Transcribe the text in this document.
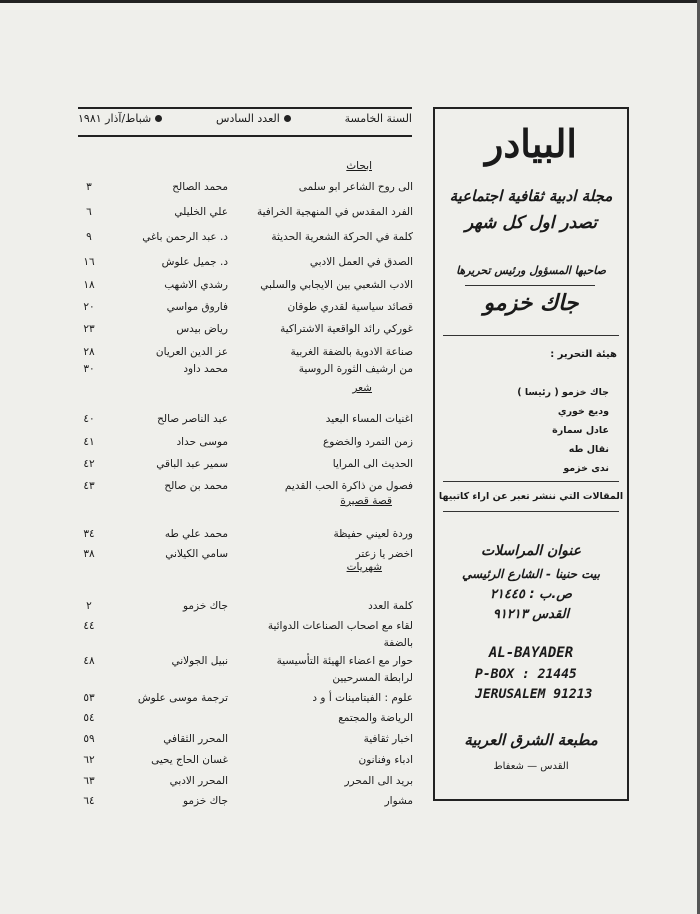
السنة الخامسة
العدد السادس
شباط/آذار ١٩٨١
ابحاث
الى روح الشاعر ابو سلمى
محمد الصالح
٣
الفرد المقدس في المنهجية الخرافية
علي الخليلي
٦
كلمة في الحركة الشعرية الحديثة
د. عبد الرحمن باغي
٩
الصدق في العمل الادبي
د. جميل علوش
١٦
الادب الشعبي بين الايجابي والسلبي
رشدي الاشهب
١٨
قصائد سياسية لقدري طوقان
فاروق مواسي
٢٠
غوركي رائد الواقعية الاشتراكية
رياض بيدس
٢٣
صناعة الادوية بالضفة الغربية
عز الدين العريان
٢٨
من ارشيف الثورة الروسية
محمد داود
٣٠
شعر
اغنيات المساء البعيد
عبد الناصر صالح
٤٠
زمن التمرد والخضوع
موسى حداد
٤١
الحديث الى المرايا
سمير عبد الباقي
٤٢
فصول من ذاكرة الحب القديم
محمد بن صالح
٤٣
قصة قصيرة
وردة لعيني حفيظة
محمد علي طه
٣٤
اخضر يا زعتر
سامي الكيلاني
٣٨
شهريات
كلمة العدد
جاك خزمو
٢
لقاء مع اصحاب الصناعات الدوائية
بالضفة
٤٤
حوار مع اعضاء الهيئة التأسيسية
لرابطة المسرحيين
نبيل الجولاني
٤٨
علوم : الفيتامينات أ و د
ترجمة موسى علوش
٥٣
الرياضة والمجتمع
٥٤
اخبار ثقافية
المحرر الثقافي
٥٩
ادباء وفنانون
غسان الحاج يحيى
٦٢
بريد الى المحرر
المحرر الادبي
٦٣
مشوار
جاك خزمو
٦٤
البيادر
مجلة ادبية ثقافية اجتماعية
تصدر اول كل شهر
صاحبها المسؤول ورئيس تحريرها
جاك خزمو
هيئة التحرير :
جاك خزمو ( رئيسا )
وديع خوري
عادل سمارة
نقال طه
ندى خزمو
المقالات التي ننشر تعبر عن اراء كاتبيها
عنوان المراسلات
بيت حنينا - الشارع الرئيسي
ص.ب : ٢١٤٤٥
القدس ٩١٢١٣
AL-BAYADER
P-BOX : 21445
JERUSALEM 91213
مطبعة الشرق العربية
القدس — شعفاط
